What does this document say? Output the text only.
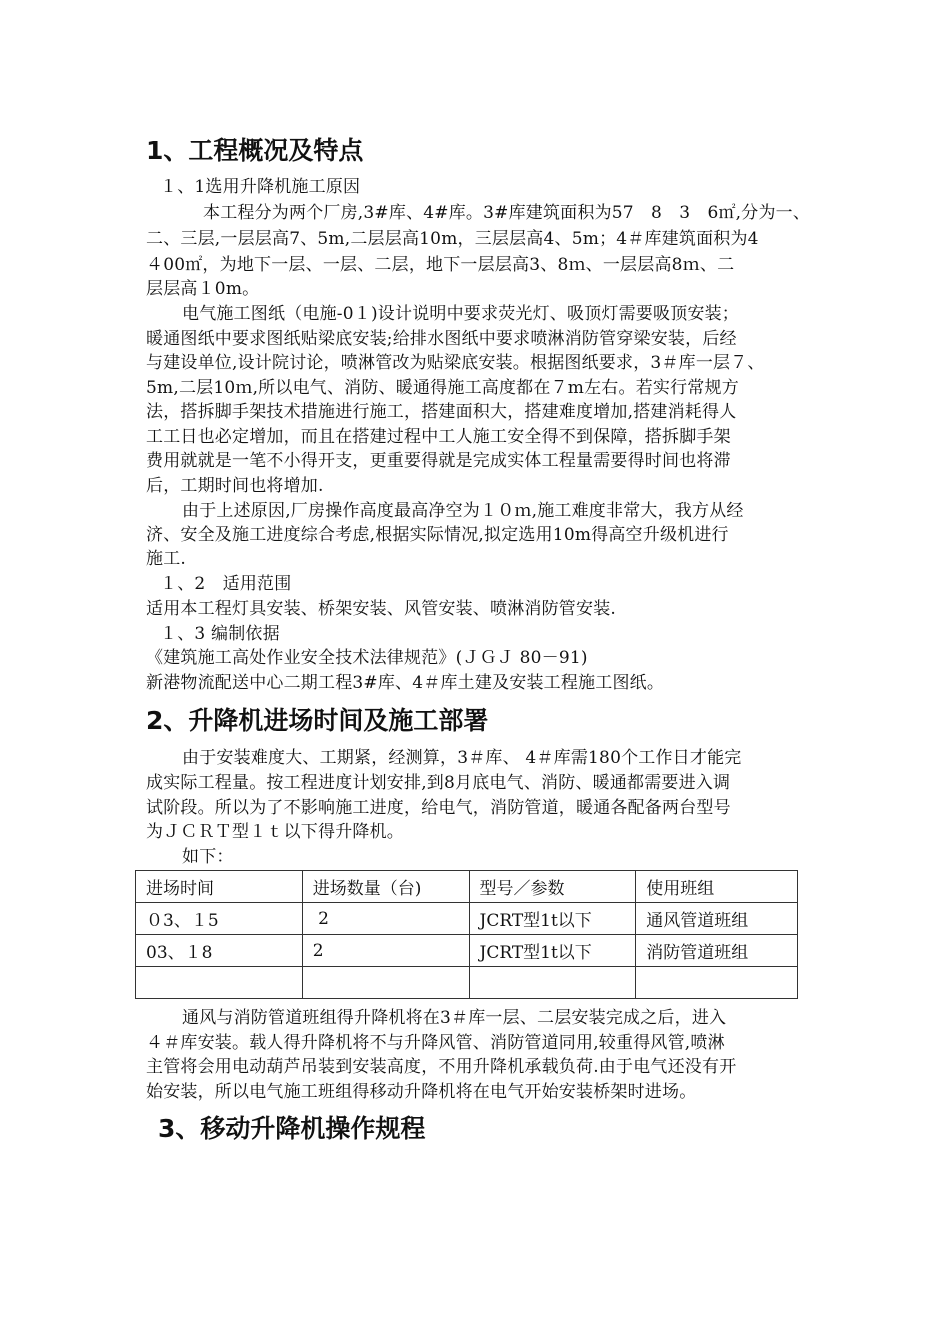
1、工程概况及特点
１、1选用升降机施工原因
本工程分为两个厂房,3#库、4#库。3#库建筑面积为57　8　3　6㎡,分为一、
二、三层,一层层高7、5m,二层层高10m，三层层高4、5m；4＃库建筑面积为4
４00㎡，为地下一层、一层、二层，地下一层层高3、8ｍ、一层层高8ｍ、二
层层高１0m。
电气施工图纸（电施-0１)设计说明中要求荧光灯、吸顶灯需要吸顶安装；
暖通图纸中要求图纸贴梁底安装;给排水图纸中要求喷淋消防管穿梁安装，后经
与建设单位,设计院讨论，喷淋管改为贴梁底安装。根据图纸要求，3＃库一层７、
5m,二层10ｍ,所以电气、消防、暖通得施工高度都在７m左右。若实行常规方
法，搭拆脚手架技术措施进行施工，搭建面积大，搭建难度增加,搭建消耗得人
工工日也必定增加，而且在搭建过程中工人施工安全得不到保障，搭拆脚手架
费用就就是一笔不小得开支，更重要得就是完成实体工程量需要得时间也将滞
后，工期时间也将增加.
由于上述原因,厂房操作高度最高净空为１０ｍ,施工难度非常大，我方从经
济、安全及施工进度综合考虑,根据实际情况,拟定选用10m得高空升级机进行
施工.
１、2　适用范围
适用本工程灯具安装、桥架安装、风管安装、喷淋消防管安装.
１、3 编制依据
《建筑施工高处作业安全技术法律规范》(ＪＧＪ 80－91)
新港物流配送中心二期工程3#库、4＃库土建及安装工程施工图纸。
2、升降机进场时间及施工部署
由于安装难度大、工期紧，经测算，3＃库、 4＃库需180个工作日才能完
成实际工程量。按工程进度计划安排,到8月底电气、消防、暖通都需要进入调
试阶段。所以为了不影响施工进度，给电气，消防管道，暖通各配备两台型号
为ＪＣＲＴ型１ｔ以下得升降机。
如下：
进场时间	进场数量（台)	型号／参数	使用班组
０3、１5	2	JCRT型1t以下	通风管道班组
03、１8	2	JCRT型1t以下	消防管道班组

通风与消防管道班组得升降机将在3＃库一层、二层安装完成之后，进入
４＃库安装。载人得升降机将不与升降风管、消防管道同用,较重得风管,喷淋
主管将会用电动葫芦吊装到安装高度，不用升降机承载负荷.由于电气还没有开
始安装，所以电气施工班组得移动升降机将在电气开始安装桥架时进场。
3、移动升降机操作规程
